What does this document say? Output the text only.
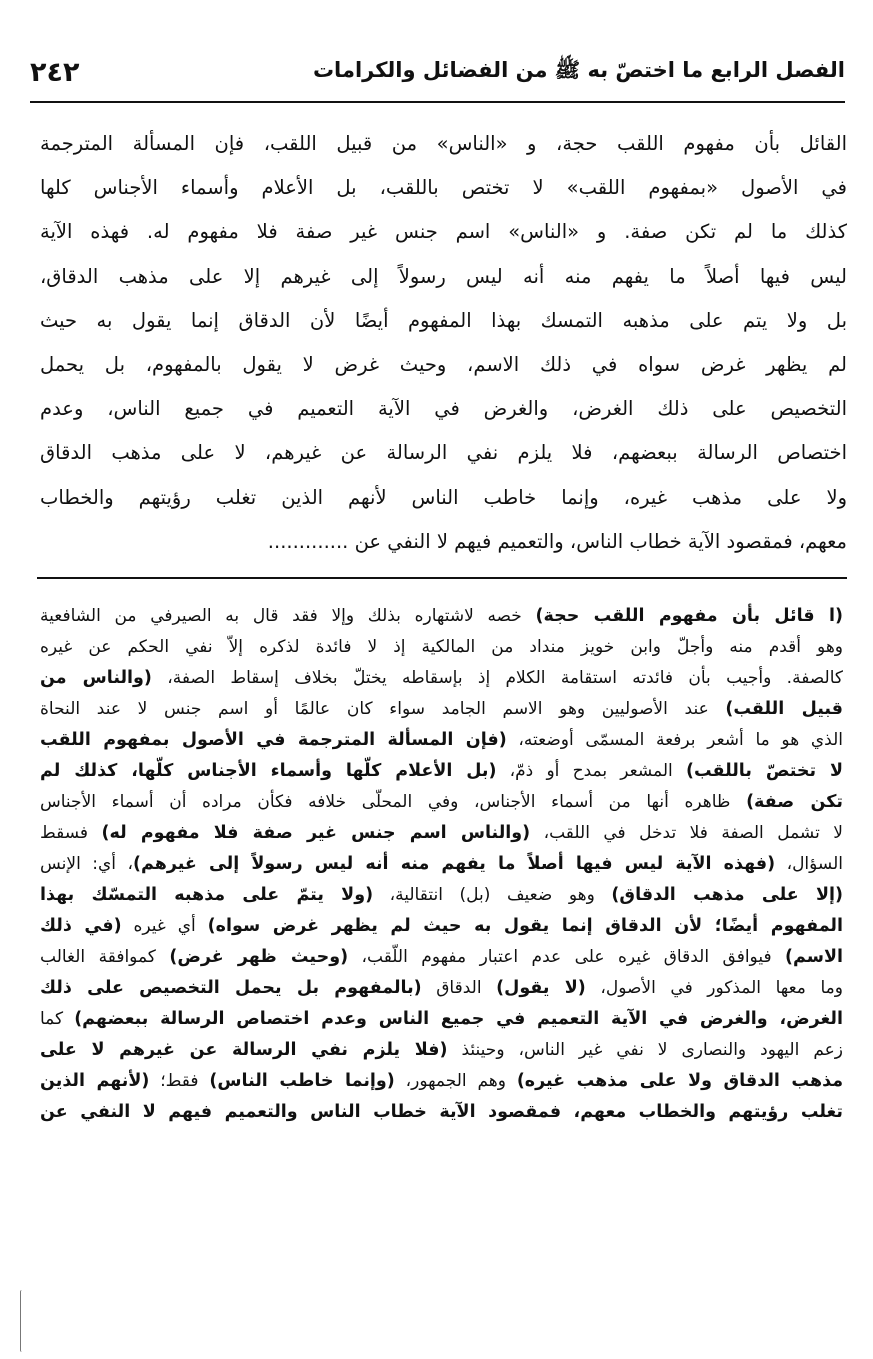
٢٤٢	الفصل الرابع ما اختصّ به ﷺ من الفضائل والكرامات
القائل بأن مفهوم اللقب حجة، و «الناس» من قبيل اللقب، فإن المسألة المترجمة
في الأصول «بمفهوم اللقب» لا تختص باللقب، بل الأعلام وأسماء الأجناس كلها
كذلك ما لم تكن صفة. و «الناس» اسم جنس غير صفة فلا مفهوم له. فهذه الآية
ليس فيها أصلاً ما يفهم منه أنه ليس رسولاً إلى غيرهم إلا على مذهب الدقاق،
بل ولا يتم على مذهبه التمسك بهذا المفهوم أيضًا لأن الدقاق إنما يقول به حيث
لم يظهر غرض سواه في ذلك الاسم، وحيث غرض لا يقول بالمفهوم، بل يحمل
التخصيص على ذلك الغرض، والغرض في الآية التعميم في جميع الناس، وعدم
اختصاص الرسالة ببعضهم، فلا يلزم نفي الرسالة عن غيرهم، لا على مذهب الدقاق
ولا على مذهب غيره، وإنما خاطب الناس لأنهم الذين تغلب رؤيتهم والخطاب
معهم، فمقصود الآية خطاب الناس، والتعميم فيهم لا النفي عن .............
(ا قائل بأن مفهوم اللقب حجة) خصه لاشتهاره بذلك وإلا فقد قال به الصيرفي من الشافعية
وهو أقدم منه وأجلّ وابن خويز منداد من المالكية إذ لا فائدة لذكره إلاّ نفي الحكم عن غيره
كالصفة. وأجيب بأن فائدته استقامة الكلام إذ بإسقاطه يختلّ بخلاف إسقاط الصفة، (والناس من
قبيل اللقب) عند الأصوليين وهو الاسم الجامد سواء كان عالمًا أو اسم جنس لا عند النحاة
الذي هو ما أشعر برفعة المسمّى أوضعته، (فإن المسألة المترجمة في الأصول بمفهوم اللقب
لا تختصّ باللقب) المشعر بمدح أو ذمّ، (بل الأعلام كلّها وأسماء الأجناس كلّها، كذلك لم
تكن صفة) ظاهره أنها من أسماء الأجناس، وفي المحلّى خلافه فكأن مراده أن أسماء الأجناس
لا تشمل الصفة فلا تدخل في اللقب، (والناس اسم جنس غير صفة فلا مفهوم له) فسقط
السؤال، (فهذه الآية ليس فيها أصلاً ما يفهم منه أنه ليس رسولاً إلى غيرهم)، أي: الإنس
(إلا على مذهب الدقاق) وهو ضعيف (بل) انتقالية، (ولا يتمّ على مذهبه التمسّك بهذا
المفهوم أيضًا؛ لأن الدقاق إنما يقول به حيث لم يظهر غرض سواه) أي غيره (في ذلك
الاسم) فيوافق الدقاق غيره على عدم اعتبار مفهوم اللّقب، (وحيث ظهر غرض) كموافقة الغالب
وما معها المذكور في الأصول، (لا يقول) الدقاق (بالمفهوم بل يحمل التخصيص على ذلك
الغرض، والغرض في الآية التعميم في جميع الناس وعدم اختصاص الرسالة ببعضهم) كما
زعم اليهود والنصارى لا نفي غير الناس، وحينئذ (فلا يلزم نفي الرسالة عن غيرهم لا على
مذهب الدقاق ولا على مذهب غيره) وهم الجمهور، (وإنما خاطب الناس) فقط؛ (لأنهم الذين
تغلب رؤيتهم والخطاب معهم، فمقصود الآية خطاب الناس والتعميم فيهم لا النفي عن
